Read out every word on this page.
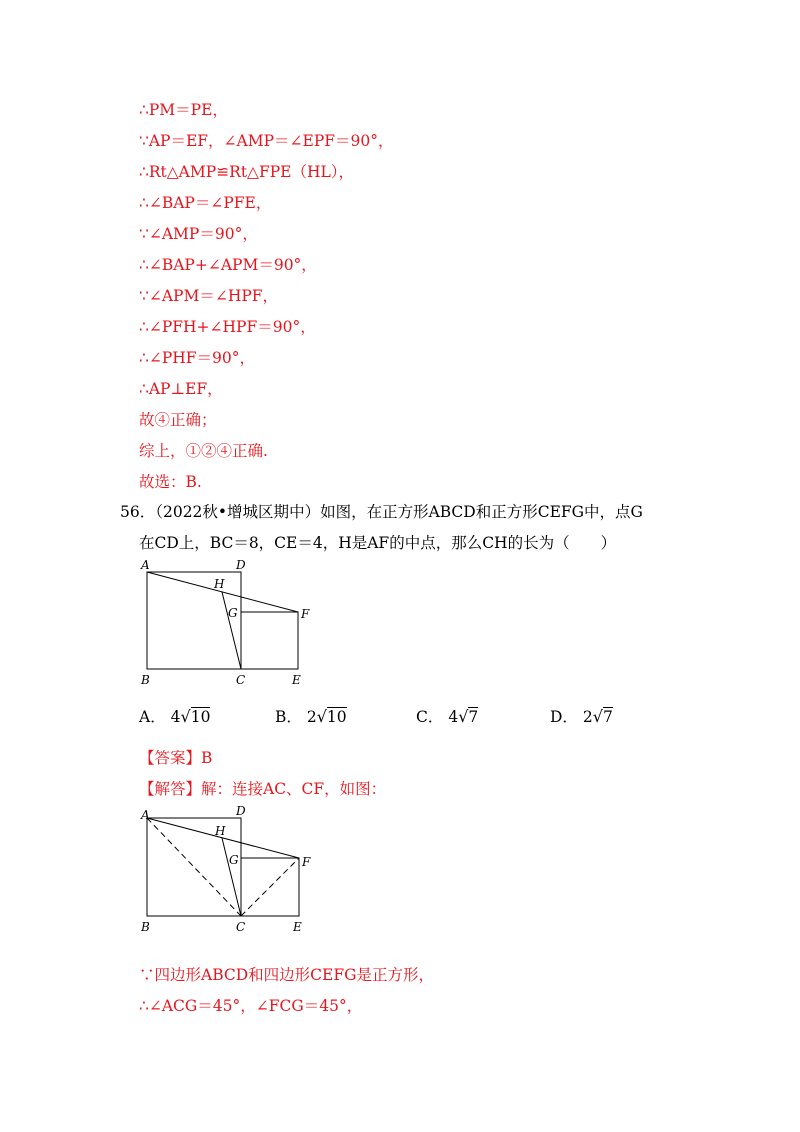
∴PM＝PE，
∵AP＝EF，∠AMP＝∠EPF＝90°，
∴Rt△AMP≌Rt△FPE（HL），
∴∠BAP＝∠PFE，
∵∠AMP＝90°，
∴∠BAP+∠APM＝90°，
∵∠APM＝∠HPF，
∴∠PFH+∠HPF＝90°，
∴∠PHF＝90°，
∴AP⊥EF，
故④正确；
综上，①②④正确.
故选：B.
56．（2022秋•增城区期中）如图，在正方形ABCD和正方形CEFG中，点G
在CD上，BC＝8，CE＝4，H是AF的中点，那么CH的长为（　　）
A	D
H
G	F
B	C	E
A． 4√10	B． 2√10	C． 4√7	D． 2√7
【答案】B
【解答】解：连接AC、CF，如图：
A	D
H
G	F
B	C	E
∵四边形ABCD和四边形CEFG是正方形，
∴∠ACG＝45°，∠FCG＝45°，
